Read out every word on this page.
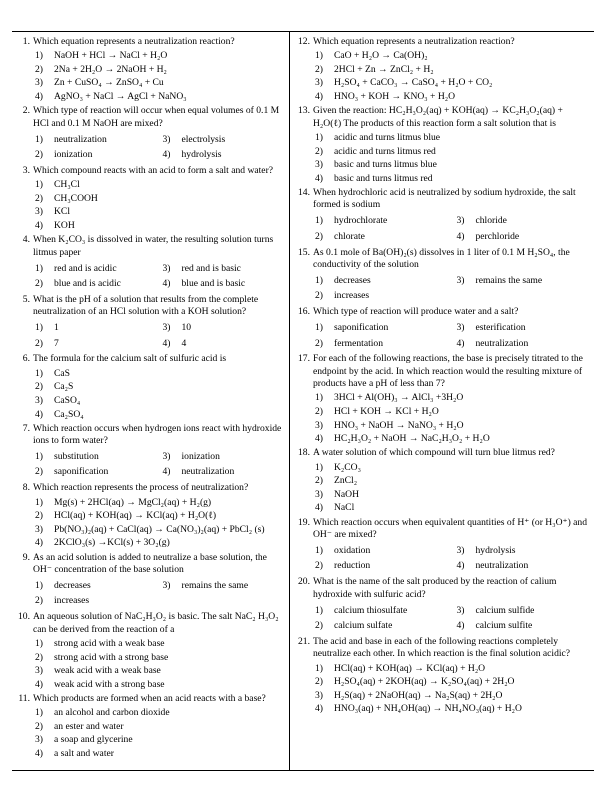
1. Which equation represents a neutralization reaction?
1) NaOH + HCl → NaCl + H₂O
2) 2Na + 2H₂O → 2NaOH + H₂
3) Zn + CuSO₄ → ZnSO₄ + Cu
4) AgNO₃ + NaCl → AgCl + NaNO₃
2. Which type of reaction will occur when equal volumes of 0.1 M HCl and 0.1 M NaOH are mixed?
1) neutralization	3) electrolysis
2) ionization	4) hydrolysis
3. Which compound reacts with an acid to form a salt and water?
1) CH₃Cl
2) CH₃COOH
3) KCl
4) KOH
4. When K₂CO₃ is dissolved in water, the resulting solution turns litmus paper
1) red and is acidic	3) red and is basic
2) blue and is acidic	4) blue and is basic
5. What is the pH of a solution that results from the complete neutralization of an HCl solution with a KOH solution?
1) 1	3) 10
2) 7	4) 4
6. The formula for the calcium salt of sulfuric acid is
1) CaS
2) Ca₂S
3) CaSO₄
4) Ca₂SO₄
7. Which reaction occurs when hydrogen ions react with hydroxide ions to form water?
1) substitution	3) ionization
2) saponification	4) neutralization
8. Which reaction represents the process of neutralization?
1) Mg(s) + 2HCl(aq) → MgCl₂(aq) + H₂(g)
2) HCl(aq) + KOH(aq) → KCl(aq) + H₂O(ℓ)
3) Pb(NO₃)₂(aq) + CaCl(aq) → Ca(NO₃)₂(aq) + PbCl₂ (s)
4) 2KClO₃(s) →KCl(s) + 3O₂(g)
9. As an acid solution is added to neutralize a base solution, the OH⁻ concentration of the base solution
1) decreases	3) remains the same
2) increases
10. An aqueous solution of NaC₂H₃O₂ is basic. The salt NaC₂ H₃O₂ can be derived from the reaction of a
1) strong acid with a weak base
2) strong acid with a strong base
3) weak acid with a weak base
4) weak acid with a strong base
11. Which products are formed when an acid reacts with a base?
1) an alcohol and carbon dioxide
2) an ester and water
3) a soap and glycerine
4) a salt and water
12. Which equation represents a neutralization reaction?
1) CaO + H₂O → Ca(OH)₂
2) 2HCl + Zn → ZnCl₂ + H₂
3) H₂SO₄ + CaCO₃ → CaSO₄ + H₂O + CO₂
4) HNO₃ + KOH → KNO₃ + H₂O
13. Given the reaction: HC₂H₃O₂(aq) + KOH(aq) → KC₂H₃O₂(aq) + H₂O(ℓ) The products of this reaction form a salt solution that is
1) acidic and turns litmus blue
2) acidic and turns litmus red
3) basic and turns litmus blue
4) basic and turns litmus red
14. When hydrochloric acid is neutralized by sodium hydroxide, the salt formed is sodium
1) hydrochlorate	3) chloride
2) chlorate	4) perchloride
15. As 0.1 mole of Ba(OH)₂(s) dissolves in 1 liter of 0.1 M H₂SO₄, the conductivity of the solution
1) decreases	3) remains the same
2) increases
16. Which type of reaction will produce water and a salt?
1) saponification	3) esterification
2) fermentation	4) neutralization
17. For each of the following reactions, the base is precisely titrated to the endpoint by the acid. In which reaction would the resulting mixture of products have a pH of less than 7?
1) 3HCl + Al(OH)₃ → AlCl₃ +3H₂O
2) HCl + KOH → KCl + H₂O
3) HNO₃ + NaOH → NaNO₃ + H₂O
4) HC₂H₃O₂ + NaOH → NaC₂H₃O₂ + H₂O
18. A water solution of which compound will turn blue litmus red?
1) K₂CO₃
2) ZnCl₂
3) NaOH
4) NaCl
19. Which reaction occurs when equivalent quantities of H⁺ (or H₃O⁺) and OH⁻ are mixed?
1) oxidation	3) hydrolysis
2) reduction	4) neutralization
20. What is the name of the salt produced by the reaction of calium hydroxide with sulfuric acid?
1) calcium thiosulfate	3) calcium sulfide
2) calcium sulfate	4) calcium sulfite
21. The acid and base in each of the following reactions completely neutralize each other. In which reaction is the final solution acidic?
1) HCl(aq) + KOH(aq) → KCl(aq) + H₂O
2) H₂SO₄(aq) + 2KOH(aq) → K₂SO₄(aq) + 2H₂O
3) H₂S(aq) + 2NaOH(aq) → Na₂S(aq) + 2H₂O
4) HNO₃(aq) + NH₄OH(aq) → NH₄NO₃(aq) + H₂O
